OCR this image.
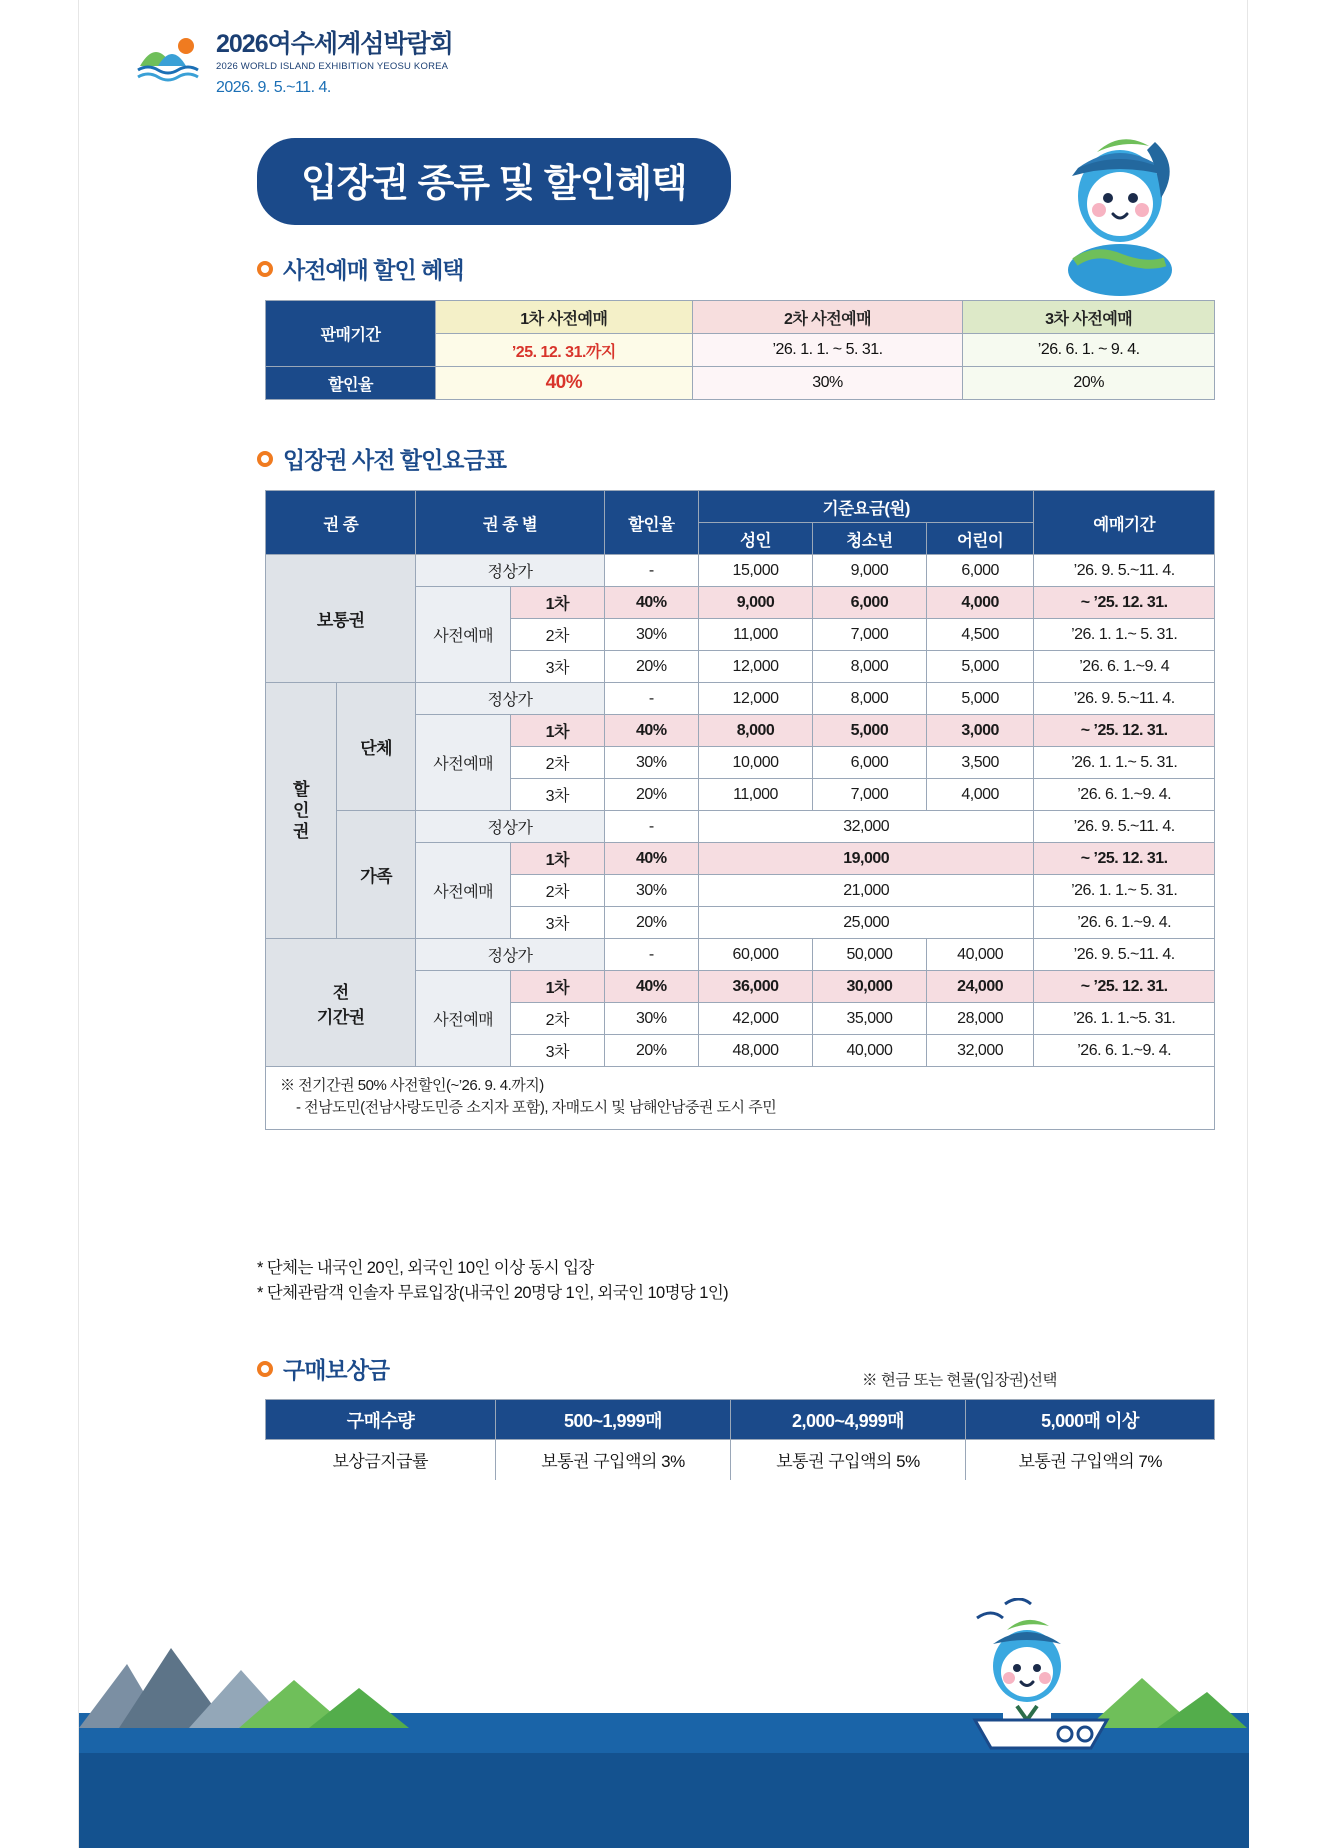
2026여수세계섬박람회
2026 WORLD ISLAND EXHIBITION YEOSU KOREA
2026. 9. 5.~11. 4.
입장권 종류 및 할인혜택
사전예매 할인 혜택
판매기간	1차 사전예매	2차 사전예매	3차 사전예매
	’25. 12. 31.까지	’26. 1. 1. ~ 5. 31.	’26. 6. 1. ~ 9. 4.
할인율	40%	30%	20%
입장권 사전 할인요금표
권 종		권 종 별		할인율	기준요금(원)			예매기간
					성인	청소년	어린이	
보통권		정상가		-	15,000	9,000	6,000	’26. 9. 5.~11. 4.
		사전예매	1차	40%	9,000	6,000	4,000	~ ’25. 12. 31.
			2차	30%	11,000	7,000	4,500	’26. 1. 1.~ 5. 31.
			3차	20%	12,000	8,000	5,000	’26. 6. 1.~9. 4

할
인
권	단체	정상가		-	12,000	8,000	5,000	’26. 9. 5.~11. 4.
		사전예매	1차	40%	8,000	5,000	3,000	~ ’25. 12. 31.
			2차	30%	10,000	6,000	3,500	’26. 1. 1.~ 5. 31.
			3차	20%	11,000	7,000	4,000	’26. 6. 1.~9. 4.
	가족	정상가		-	32,000			’26. 9. 5.~11. 4.
		사전예매	1차	40%	19,000			~ ’25. 12. 31.
			2차	30%	21,000			’26. 1. 1.~ 5. 31.
			3차	20%	25,000			’26. 6. 1.~9. 4.
전
기간권		정상가		-	60,000	50,000	40,000	’26. 9. 5.~11. 4.
		사전예매	1차	40%	36,000	30,000	24,000	~ ’25. 12. 31.
			2차	30%	42,000	35,000	28,000	’26. 1. 1.~5. 31.
			3차	20%	48,000	40,000	32,000	’26. 6. 1.~9. 4.

※ 전기간권 50% 사전할인(~’26. 9. 4.까지)
- 전남도민(전남사랑도민증 소지자 포함), 자매도시 및 남해안남중권 도시 주민								
* 단체는 내국인 20인, 외국인 10인 이상 동시 입장
* 단체관람객 인솔자 무료입장(내국인 20명당 1인, 외국인 10명당 1인)
구매보상금	※ 현금 또는 현물(입장권)선택
구매수량	500~1,999매	2,000~4,999매	5,000매 이상
보상금지급률	보통권 구입액의 3%	보통권 구입액의 5%	보통권 구입액의 7%
